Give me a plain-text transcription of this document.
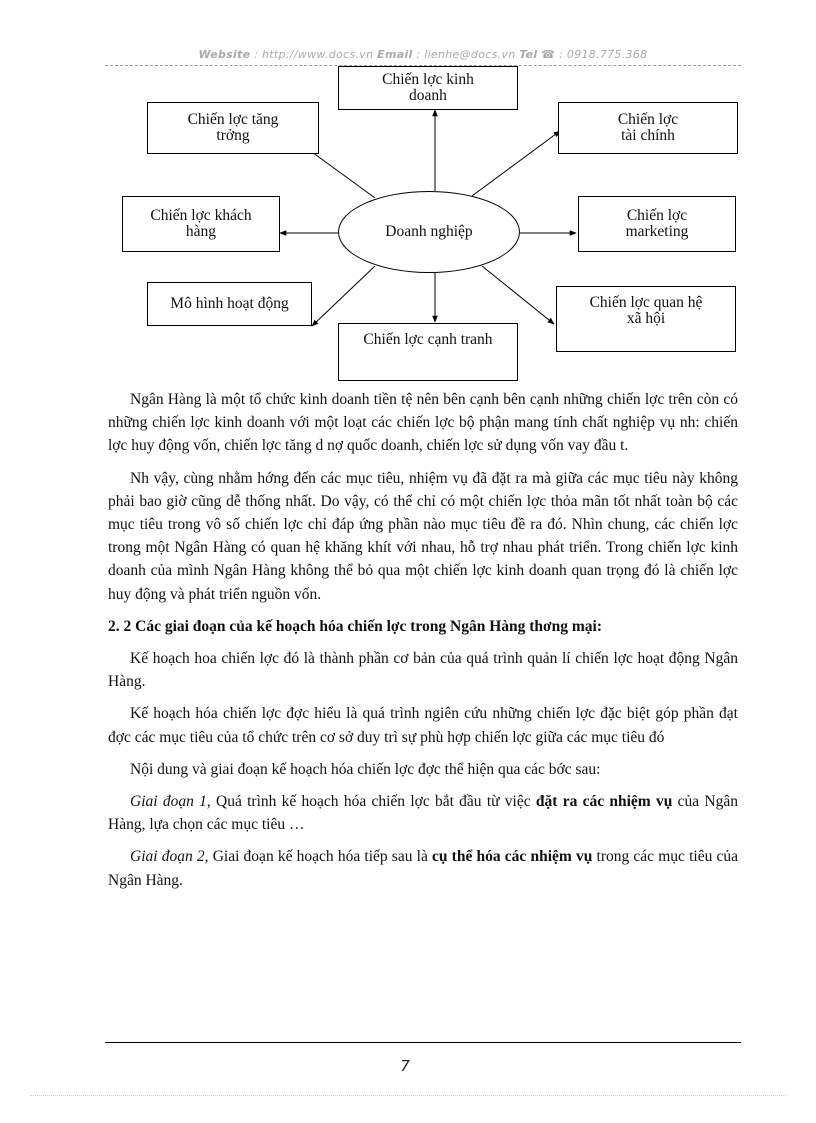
Website : http://www.docs.vn Email : lienhe@docs.vn Tel ☎ : 0918.775.368
Chiến lợc kinh
doanh
Chiến lợc tăng
trởng
Chiến lợc
tài chính
Chiến lợc khách
hàng	Doanh nghiệp
Chiến lợc
marketing
Mô hình hoạt động
Chiến lợc cạnh tranh
Chiến lợc quan hệ
xã hội

Ngân Hàng là một tổ chức kinh doanh tiền tệ nên bên cạnh bên cạnh những chiến lợc trên còn có những chiến lợc kinh doanh với một loạt các chiến lợc bộ phận mang tính chất nghiệp vụ nh: chiến lợc huy động vốn, chiến lợc tăng d nợ quốc doanh, chiến lợc sử dụng vốn vay đầu t.

Nh vậy, cùng nhằm hớng đến các mục tiêu, nhiệm vụ đã đặt ra mà giữa các mục tiêu này không phải bao giờ cũng dễ thống nhất. Do vậy, có thể chỉ có một chiến lợc thỏa mãn tốt nhất toàn bộ các mục tiêu trong vô số chiến lợc chỉ đáp ứng phần nào mục tiêu đề ra đó. Nhìn chung, các chiến lợc trong một Ngân Hàng có quan hệ khăng khít với nhau, hỗ trợ nhau phát triển. Trong chiến lợc kinh doanh của mình Ngân Hàng không thể bỏ qua một chiến lợc kinh doanh quan trọng đó là chiến lợc huy động và phát triển nguồn vốn.

2. 2 Các giai đoạn của kế hoạch hóa chiến lợc trong Ngân Hàng thơng mại:

Kế hoạch hoa chiến lợc đó là thành phần cơ bản của quá trình quản lí chiến lợc hoạt động Ngân Hàng.

Kế hoạch hóa chiến lợc đợc hiểu là quá trình ngiên cứu những chiến lợc đặc biệt góp phần đạt đợc các mục tiêu của tổ chức trên cơ sở duy trì sự phù hợp chiến lợc giữa các mục tiêu đó

Nội dung và giai đoạn kế hoạch hóa chiến lợc đợc thể hiện qua các bớc sau:

Giai đoạn 1, Quá trình kế hoạch hóa chiến lợc bắt đầu từ việc đặt ra các nhiệm vụ của Ngân Hàng, lựa chọn các mục tiêu …

Giai đoạn 2, Giai đoạn kế hoạch hóa tiếp sau là cụ thể hóa các nhiệm vụ trong các mục tiêu của Ngân Hàng.

7
